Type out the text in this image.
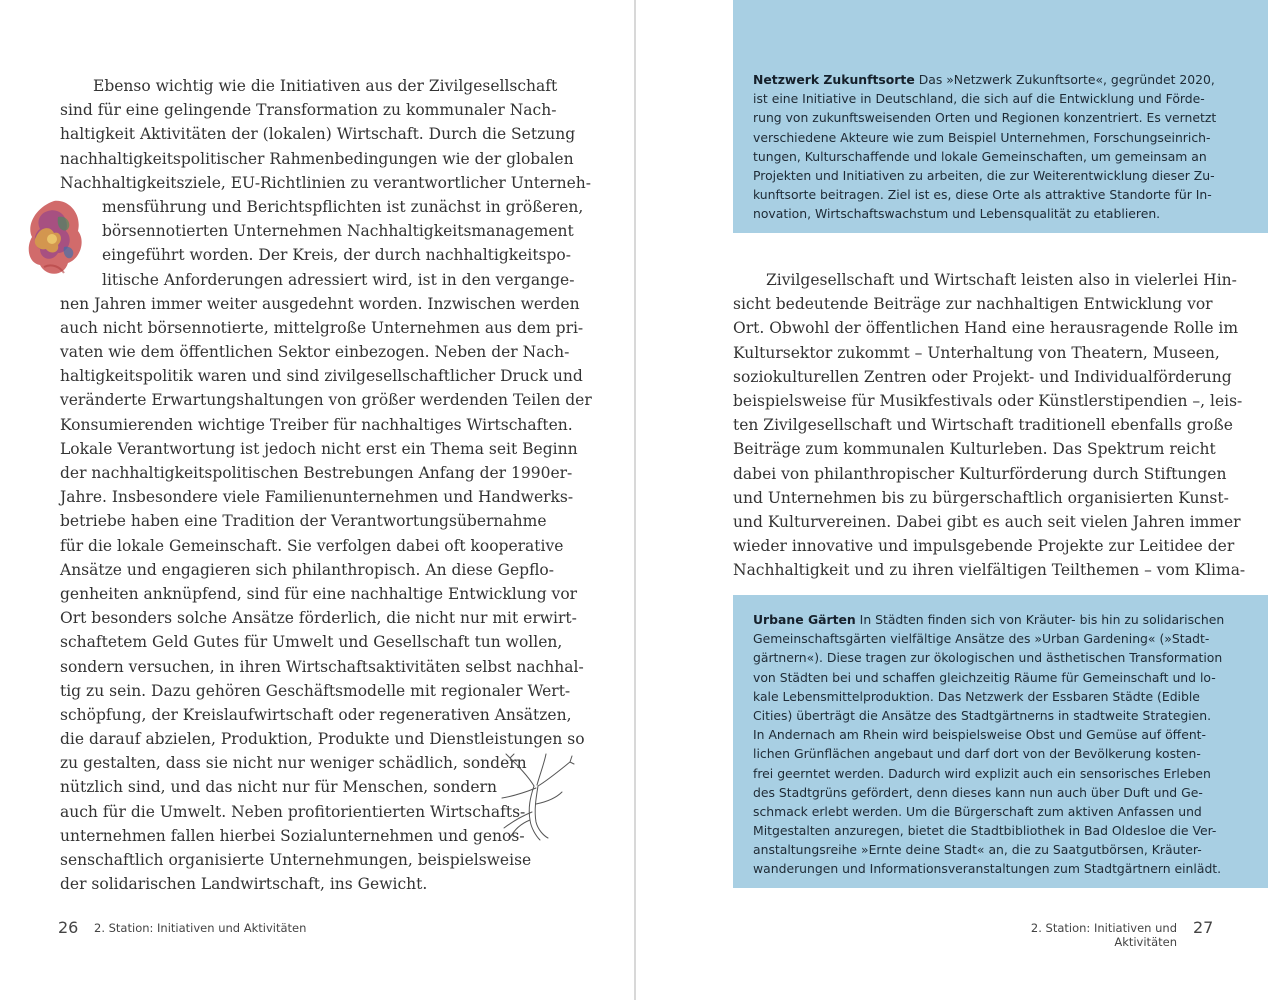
Ebenso wichtig wie die Initiativen aus der Zivilgesellschaft
sind für eine gelingende Transformation zu kommunaler Nach-
haltigkeit Aktivitäten der (lokalen) Wirtschaft. Durch die Setzung
nachhaltigkeitspolitischer Rahmenbedingungen wie der globalen
Nachhaltigkeitsziele, EU-Richtlinien zu verantwortlicher Unterneh-
mensführung und Berichtspflichten ist zunächst in größeren,
börsennotierten Unternehmen Nachhaltigkeitsmanagement
eingeführt worden. Der Kreis, der durch nachhaltigkeitspo-
litische Anforderungen adressiert wird, ist in den vergange-
nen Jahren immer weiter ausgedehnt worden. Inzwischen werden
auch nicht börsennotierte, mittelgroße Unternehmen aus dem pri-
vaten wie dem öffentlichen Sektor einbezogen. Neben der Nach-
haltigkeitspolitik waren und sind zivilgesellschaftlicher Druck und
veränderte Erwartungshaltungen von größer werdenden Teilen der
Konsumierenden wichtige Treiber für nachhaltiges Wirtschaften.
Lokale Verantwortung ist jedoch nicht erst ein Thema seit Beginn
der nachhaltigkeitspolitischen Bestrebungen Anfang der 1990er-
Jahre. Insbesondere viele Familienunternehmen und Handwerks-
betriebe haben eine Tradition der Verantwortungsübernahme
für die lokale Gemeinschaft. Sie verfolgen dabei oft kooperative
Ansätze und engagieren sich philanthropisch. An diese Gepflo-
genheiten anknüpfend, sind für eine nachhaltige Entwicklung vor
Ort besonders solche Ansätze förderlich, die nicht nur mit erwirt-
schaftetem Geld Gutes für Umwelt und Gesellschaft tun wollen,
sondern versuchen, in ihren Wirtschaftsaktivitäten selbst nachhal-
tig zu sein. Dazu gehören Geschäftsmodelle mit regionaler Wert-
schöpfung, der Kreislaufwirtschaft oder regenerativen Ansätzen,
die darauf abzielen, Produktion, Produkte und Dienstleistungen so
zu gestalten, dass sie nicht nur weniger schädlich, sondern
nützlich sind, und das nicht nur für Menschen, sondern
auch für die Umwelt. Neben profitorientierten Wirtschafts-
unternehmen fallen hierbei Sozialunternehmen und genos-
senschaftlich organisierte Unternehmungen, beispielsweise
der solidarischen Landwirtschaft, ins Gewicht.
26 2. Station: Initiativen und Aktivitäten
Netzwerk Zukunftsorte Das »Netzwerk Zukunftsorte«, gegründet 2020,
ist eine Initiative in Deutschland, die sich auf die Entwicklung und Förde-
rung von zukunftsweisenden Orten und Regionen konzentriert. Es vernetzt
verschiedene Akteure wie zum Beispiel Unternehmen, Forschungseinrich-
tungen, Kulturschaffende und lokale Gemeinschaften, um gemeinsam an
Projekten und Initiativen zu arbeiten, die zur Weiterentwicklung dieser Zu-
kunftsorte beitragen. Ziel ist es, diese Orte als attraktive Standorte für In-
novation, Wirtschaftswachstum und Lebensqualität zu etablieren.
Zivilgesellschaft und Wirtschaft leisten also in vielerlei Hin-
sicht bedeutende Beiträge zur nachhaltigen Entwicklung vor
Ort. Obwohl der öffentlichen Hand eine herausragende Rolle im
Kultursektor zukommt – Unterhaltung von Theatern, Museen,
soziokulturellen Zentren oder Projekt- und Individualförderung
beispielsweise für Musikfestivals oder Künstlerstipendien –, leis-
ten Zivilgesellschaft und Wirtschaft traditionell ebenfalls große
Beiträge zum kommunalen Kulturleben. Das Spektrum reicht
dabei von philanthropischer Kulturförderung durch Stiftungen
und Unternehmen bis zu bürgerschaftlich organisierten Kunst-
und Kulturvereinen. Dabei gibt es auch seit vielen Jahren immer
wieder innovative und impulsgebende Projekte zur Leitidee der
Nachhaltigkeit und zu ihren vielfältigen Teilthemen – vom Klima-
Urbane Gärten In Städten finden sich von Kräuter- bis hin zu solidarischen
Gemeinschaftsgärten vielfältige Ansätze des »Urban Gardening« (»Stadt-
gärtnern«). Diese tragen zur ökologischen und ästhetischen Transformation
von Städten bei und schaffen gleichzeitig Räume für Gemeinschaft und lo-
kale Lebensmittelproduktion. Das Netzwerk der Essbaren Städte (Edible
Cities) überträgt die Ansätze des Stadtgärtnerns in stadtweite Strategien.
In Andernach am Rhein wird beispielsweise Obst und Gemüse auf öffent-
lichen Grünflächen angebaut und darf dort von der Bevölkerung kosten-
frei geerntet werden. Dadurch wird explizit auch ein sensorisches Erleben
des Stadtgrüns gefördert, denn dieses kann nun auch über Duft und Ge-
schmack erlebt werden. Um die Bürgerschaft zum aktiven Anfassen und
Mitgestalten anzuregen, bietet die Stadtbibliothek in Bad Oldesloe die Ver-
anstaltungsreihe »Ernte deine Stadt« an, die zu Saatgutbörsen, Kräuter-
wanderungen und Informationsveranstaltungen zum Stadtgärtnern einlädt.
2. Station: Initiativen und Aktivitäten
27
